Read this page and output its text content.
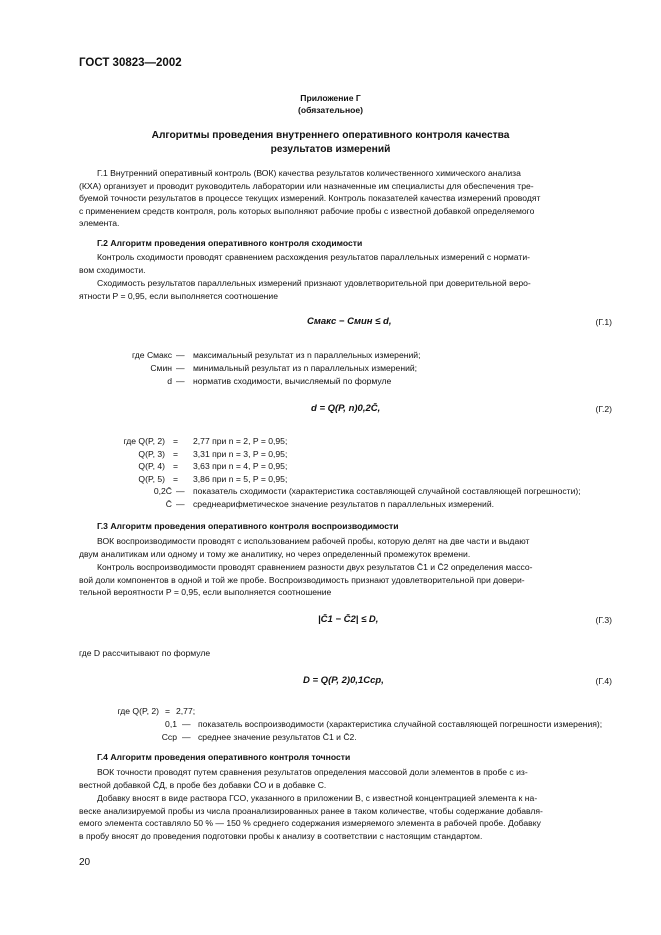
ГОСТ 30823—2002
Приложение Г
(обязательное)
Алгоритмы проведения внутреннего оперативного контроля качества
результатов измерений
Г.1 Внутренний оперативный контроль (ВОК) качества результатов количественного химического анализа
(КХА) организует и проводит руководитель лаборатории или назначенные им специалисты для обеспечения тре-
буемой точности результатов в процессе текущих измерений. Контроль показателей качества измерений проводят
с применением средств контроля, роль которых выполняют рабочие пробы с известной добавкой определяемого
элемента.
Г.2 Алгоритм проведения оперативного контроля сходимости
Контроль сходимости проводят сравнением расхождения результатов параллельных измерений с нормати-
вом сходимости.
Сходимость результатов параллельных измерений признают удовлетворительной при доверительной веро-
ятности P = 0,95, если выполняется соотношение
Cмакс − Cмин ≤ d,	(Г.1)
где Cмакс — максимальный результат из n параллельных измерений;
Cмин — минимальный результат из n параллельных измерений;
d — норматив сходимости, вычисляемый по формуле
d = Q(P, n)0,2C̄,	(Г.2)
где Q(P, 2) = 2,77 при n = 2, P = 0,95;
Q(P, 3) = 3,31 при n = 3, P = 0,95;
Q(P, 4) = 3,63 при n = 4, P = 0,95;
Q(P, 5) = 3,86 при n = 5, P = 0,95;
0,2C̄ — показатель сходимости (характеристика составляющей случайной составляющей погрешности);
C̄ — среднеарифметическое значение результатов n параллельных измерений.
Г.3 Алгоритм проведения оперативного контроля воспроизводимости
ВОК воспроизводимости проводят с использованием рабочей пробы, которую делят на две части и выдают
двум аналитикам или одному и тому же аналитику, но через определенный промежуток времени.
Контроль воспроизводимости проводят сравнением разности двух результатов C̄1 и C̄2 определения массо-
вой доли компонентов в одной и той же пробе. Воспроизводимость признают удовлетворительной при довери-
тельной вероятности P = 0,95, если выполняется соотношение
|C̄1 − C̄2| ≤ D,	(Г.3)
где D рассчитывают по формуле
D = Q(P, 2)0,1Cср,	(Г.4)
где Q(P, 2) = 2,77;
0,1 — показатель воспроизводимости (характеристика случайной составляющей погрешности измерения);
Cср — среднее значение результатов C̄1 и C̄2.
Г.4 Алгоритм проведения оперативного контроля точности
ВОК точности проводят путем сравнения результатов определения массовой доли элементов в пробе с из-
вестной добавкой C̄Д, в пробе без добавки C̄О и в добавке C.
Добавку вносят в виде раствора ГСО, указанного в приложении В, с известной концентрацией элемента к на-
веске анализируемой пробы из числа проанализированных ранее в таком количестве, чтобы содержание добавля-
емого элемента составляло 50 % — 150 % среднего содержания измеряемого элемента в рабочей пробе. Добавку
в пробу вносят до проведения подготовки пробы к анализу в соответствии с настоящим стандартом.
20
